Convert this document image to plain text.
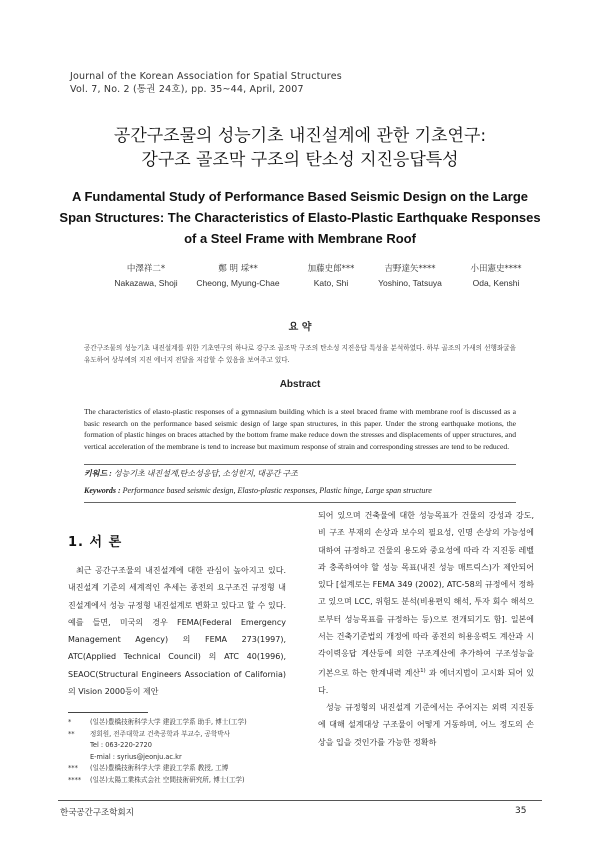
Journal of the Korean Association for Spatial Structures
Vol. 7, No. 2 (통권 24호), pp. 35~44, April, 2007
공간구조물의 성능기초 내진설계에 관한 기초연구:
강구조 골조막 구조의 탄소성 지진응답특성
A Fundamental Study of Performance Based Seismic Design on the Large
Span Structures: The Characteristics of Elasto-Plastic Earthquake Responses
of a Steel Frame with Membrane Roof
中澤祥二*
Nakazawa, Shoji
鄭 明 埰**
Cheong, Myung-Chae
加藤史郎***
Kato, Shi
吉野達矢****
Yoshino, Tatsuya
小田憲史****
Oda, Kenshi
요 약
공간구조물의 성능기초 내진설계를 위한 기초연구의 하나로 강구조 골조막 구조의 탄소성 지진응답 특성을 분석하였다. 하부 골조의 가새의 선행좌굴을 유도하여 상부에의 지진 에너지 전달을 저감할 수 있음을 보여주고 있다.
Abstract
The characteristics of elasto-plastic responses of a gymnasium building which is a steel braced frame with membrane roof is discussed as a basic research on the performance based seismic design of large span structures, in this paper. Under the strong earthquake motions, the formation of plastic hinges on braces attached by the bottom frame make reduce down the stresses and displacements of upper structures, and vertical acceleration of the membrane is tend to increase but maximum response of strain and corresponding stresses are tend to be reduced.
키워드 : 성능기초 내진설계,탄소성응답, 소성힌지, 대공간 구조
Keywords : Performance based seismic design, Elasto-plastic responses, Plastic hinge, Large span structure
1. 서 론
최근 공간구조물의 내진설계에 대한 관심이 높아지고 있다. 내진설계 기준의 세계적인 추세는 종전의 요구조건 규정형 내진설계에서 성능 규정형 내진설계로 변화고 있다고 할 수 있다. 예를 들면, 미국의 경우 FEMA(Federal Emergency Management Agency) 의 FEMA 273(1997), ATC(Applied Technical Council) 의 ATC 40(1996), SEAOC(Structural Engineers Association of California) 의 Vision 2000등이 제안
되어 있으며 건축물에 대한 성능목표가 건물의 강성과 강도, 비 구조 부재의 손상과 보수의 필요성, 인명 손상의 가능성에 대하여 규정하고 건물의 용도와 중요성에 따라 각 지진동 레벨과 충족하여야 할 성능 목표(내진 성능 매트릭스)가 제안되어 있다 [설계로는 FEMA 349 (2002), ATC-58의 규정에서 정하고 있으며 LCC, 위험도 분석(비용편익 해석, 투자 회수 해석으로부터 성능목표를 규정하는 등)으로 전개되기도 함]. 일본에서는 건축기준법의 개정에 따라 종전의 허용응력도 계산과 시각이력응답 계산등에 의한 구조계산에 추가하여 구조성능을 기본으로 하는 한계내력 계산$^{1)}$ 과 에너지법이 고시화 되어 있다.
성능 규정형의 내진설계 기준에서는 주어지는 외력 지진동에 대해 설계대상 구조물이 어떻게 거동하며, 어느 정도의 손상을 입을 것인가를 가능한 정확하
*	(일본)豊橋技術科学大学 建設工学系 助手, 博士(工学)
**	정회원, 전주대학교 건축공학과 부교수, 공학박사
Tel : 063-220-2720
E-mial : syrius@jeonju.ac.kr
***	(일본)豊橋技術科学大学 建設工学系 教授, 工博
****	(일본)太陽工業株式会社 空間技術研究所, 博士(工学)
한국공간구조학회지	35
